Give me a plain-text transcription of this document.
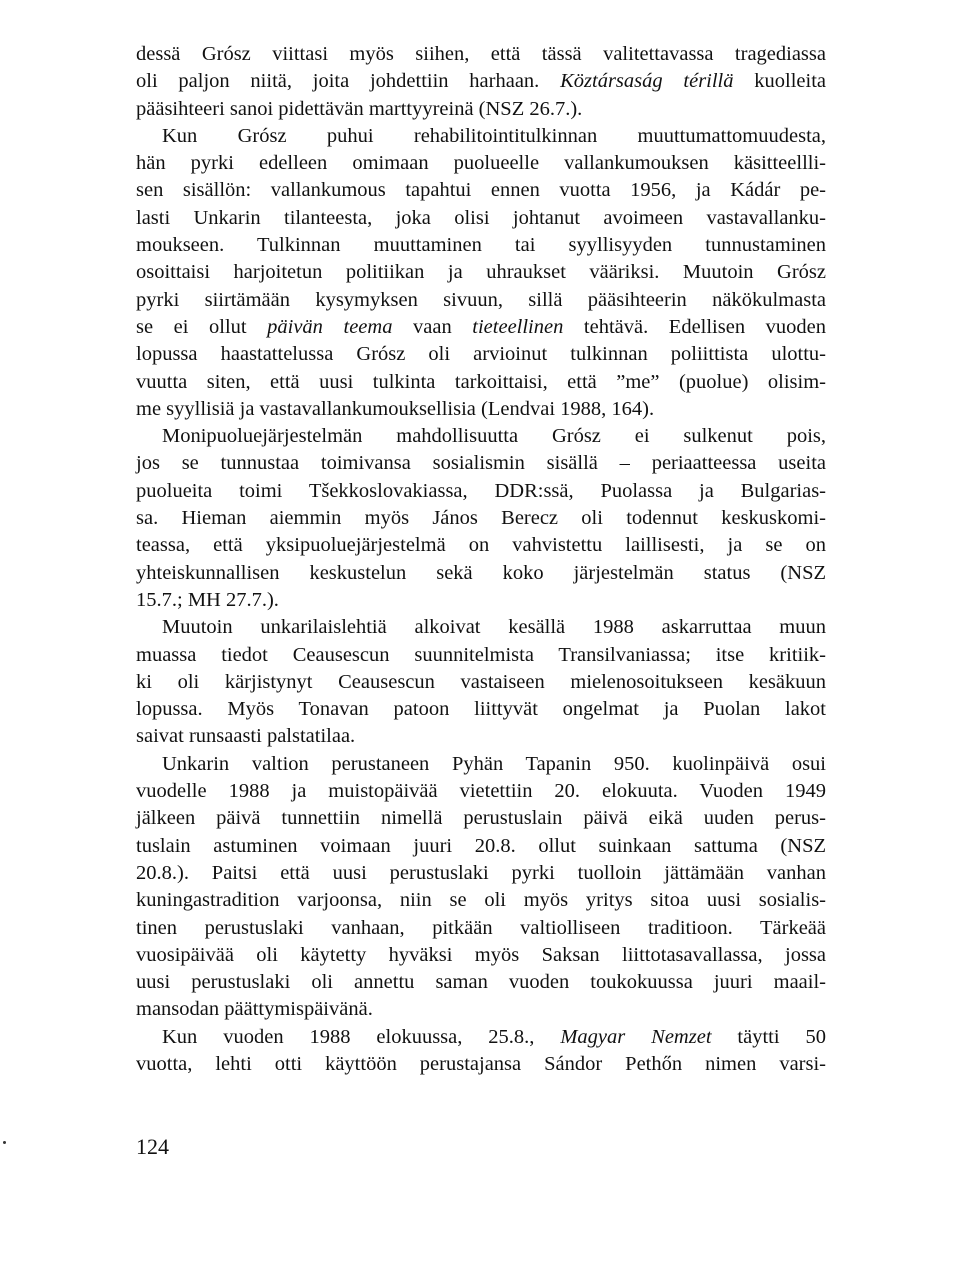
dessä Grósz viittasi myös siihen, että tässä valitettavassa tragediassa
oli paljon niitä, joita johdettiin harhaan. Köztársaság térillä kuolleita
pääsihteeri sanoi pidettävän marttyyreinä (NSZ 26.7.).
Kun Grósz puhui rehabilitointitulkinnan muuttumattomuudesta,
hän pyrki edelleen omimaan puolueelle vallankumouksen käsitteellli-
sen sisällön: vallankumous tapahtui ennen vuotta 1956, ja Kádár pe-
lasti Unkarin tilanteesta, joka olisi johtanut avoimeen vastavallanku-
moukseen. Tulkinnan muuttaminen tai syyllisyyden tunnustaminen
osoittaisi harjoitetun politiikan ja uhraukset vääriksi. Muutoin Grósz
pyrki siirtämään kysymyksen sivuun, sillä pääsihteerin näkökulmasta
se ei ollut päivän teema vaan tieteellinen tehtävä. Edellisen vuoden
lopussa haastattelussa Grósz oli arvioinut tulkinnan poliittista ulottu-
vuutta siten, että uusi tulkinta tarkoittaisi, että ”me” (puolue) olisim-
me syyllisiä ja vastavallankumouksellisia (Lendvai 1988, 164).
Monipuoluejärjestelmän mahdollisuutta Grósz ei sulkenut pois,
jos se tunnustaa toimivansa sosialismin sisällä – periaatteessa useita
puolueita toimi Tšekkoslovakiassa, DDR:ssä, Puolassa ja Bulgarias-
sa. Hieman aiemmin myös János Berecz oli todennut keskuskomi-
teassa, että yksipuoluejärjestelmä on vahvistettu laillisesti, ja se on
yhteiskunnallisen keskustelun sekä koko järjestelmän status (NSZ
15.7.; MH 27.7.).
Muutoin unkarilaislehtiä alkoivat kesällä 1988 askarruttaa muun
muassa tiedot Ceausescun suunnitelmista Transilvaniassa; itse kritiik-
ki oli kärjistynyt Ceausescun vastaiseen mielenosoitukseen kesäkuun
lopussa. Myös Tonavan patoon liittyvät ongelmat ja Puolan lakot
saivat runsaasti palstatilaa.
Unkarin valtion perustaneen Pyhän Tapanin 950. kuolinpäivä osui
vuodelle 1988 ja muistopäivää vietettiin 20. elokuuta. Vuoden 1949
jälkeen päivä tunnettiin nimellä perustuslain päivä eikä uuden perus-
tuslain astuminen voimaan juuri 20.8. ollut suinkaan sattuma (NSZ
20.8.). Paitsi että uusi perustuslaki pyrki tuolloin jättämään vanhan
kuningastradition varjoonsa, niin se oli myös yritys sitoa uusi sosialis-
tinen perustuslaki vanhaan, pitkään valtiolliseen traditioon. Tärkeää
vuosipäivää oli käytetty hyväksi myös Saksan liittotasavallassa, jossa
uusi perustuslaki oli annettu saman vuoden toukokuussa juuri maail-
mansodan päättymispäivänä.
Kun vuoden 1988 elokuussa, 25.8., Magyar Nemzet täytti 50
vuotta, lehti otti käyttöön perustajansa Sándor Pethőn nimen varsi-
124
